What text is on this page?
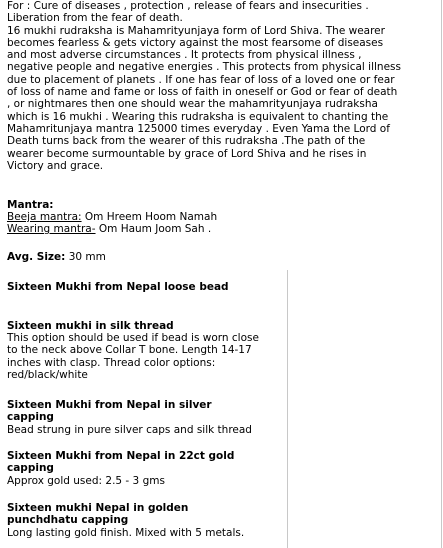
For : Cure of diseases , protection , release of fears and insecurities .
Liberation from the fear of death.
16 mukhi rudraksha is Mahamrityunjaya form of Lord Shiva. The wearer
becomes fearless & gets victory against the most fearsome of diseases
and most adverse circumstances . It protects from physical illness ,
negative people and negative energies . This protects from physical illness
due to placement of planets . If one has fear of loss of a loved one or fear
of loss of name and fame or loss of faith in oneself or God or fear of death
, or nightmares then one should wear the mahamrityunjaya rudraksha
which is 16 mukhi . Wearing this rudraksha is equivalent to chanting the
Mahamritunjaya mantra 125000 times everyday . Even Yama the Lord of
Death turns back from the wearer of this rudraksha .The path of the
wearer become surmountable by grace of Lord Shiva and he rises in
Victory and grace.

Mantra:

Beeja mantra: Om Hreem Hoom Namah

Wearing mantra- Om Haum Joom Sah .

Avg. Size: 30 mm

Sixteen Mukhi from Nepal loose bead

Sixteen mukhi in silk thread

This option should be used if bead is worn close
to the neck above Collar T bone. Length 14-17
inches with clasp. Thread color options:
red/black/white

Sixteen Mukhi from Nepal in silver
capping

Bead strung in pure silver caps and silk thread

Sixteen Mukhi from Nepal in 22ct gold
capping

Approx gold used: 2.5 - 3 gms

Sixteen mukhi Nepal in golden
punchdhatu capping

Long lasting gold finish. Mixed with 5 metals.
